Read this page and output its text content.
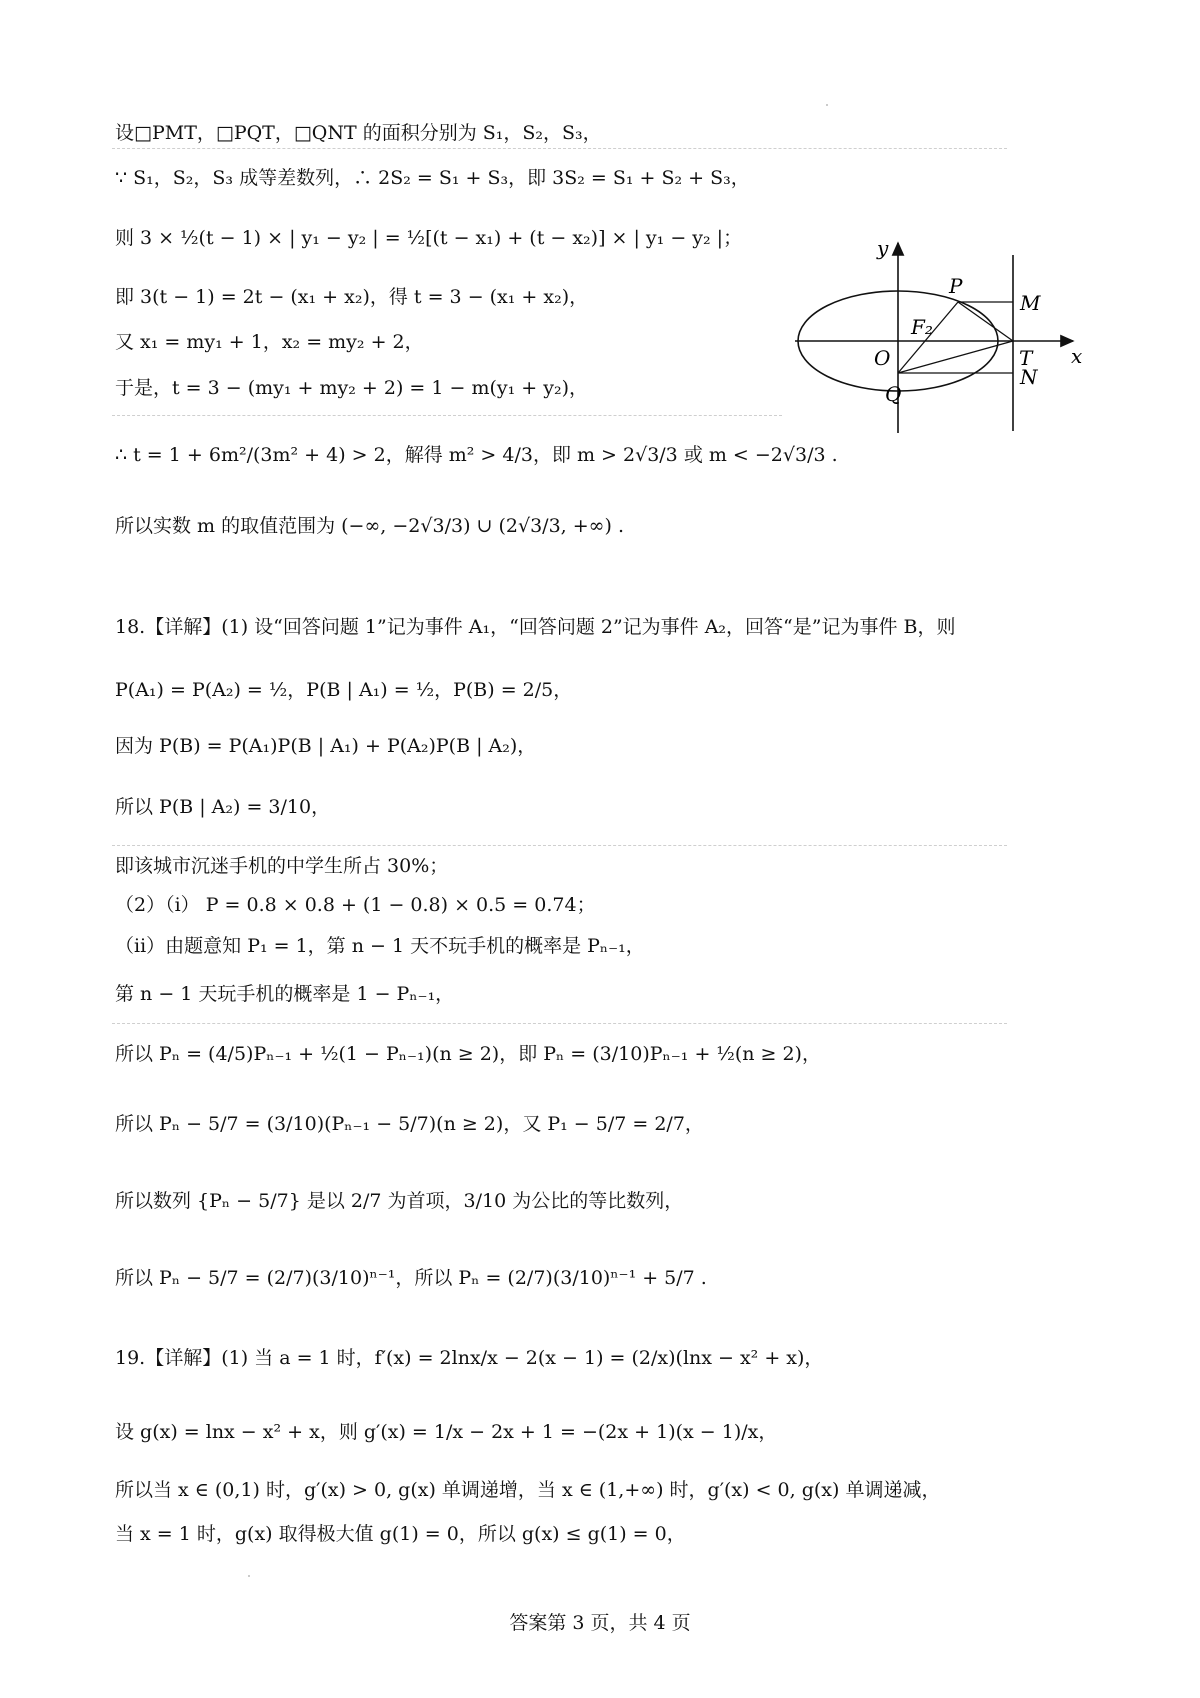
设□PMT，□PQT，□QNT 的面积分别为 S₁，S₂，S₃，
∵ S₁，S₂，S₃ 成等差数列，∴ 2S₂ = S₁ + S₃，即 3S₂ = S₁ + S₂ + S₃，
则 3 × ½(t − 1) × | y₁ − y₂ | = ½[(t − x₁) + (t − x₂)] × | y₁ − y₂ |；
即 3(t − 1) = 2t − (x₁ + x₂)，得 t = 3 − (x₁ + x₂)，
又 x₁ = my₁ + 1，x₂ = my₂ + 2，
于是，t = 3 − (my₁ + my₂ + 2) = 1 − m(y₁ + y₂)，
∴ t = 1 + 6m²/(3m² + 4) > 2，解得 m² > 4/3，即 m > 2√3/3 或 m < −2√3/3 .
所以实数 m 的取值范围为 (−∞, −2√3/3) ∪ (2√3/3, +∞) .
18.【详解】(1) 设“回答问题 1”记为事件 A₁，“回答问题 2”记为事件 A₂，回答“是”记为事件 B，则
P(A₁) = P(A₂) = ½，P(B | A₁) = ½，P(B) = 2/5，
因为 P(B) = P(A₁)P(B | A₁) + P(A₂)P(B | A₂)，
所以 P(B | A₂) = 3/10，
即该城市沉迷手机的中学生所占 30%；
（2）（ⅰ） P = 0.8 × 0.8 + (1 − 0.8) × 0.5 = 0.74；
（ⅱ）由题意知 P₁ = 1，第 n − 1 天不玩手机的概率是 Pₙ₋₁，
第 n − 1 天玩手机的概率是 1 − Pₙ₋₁，
所以 Pₙ = (4/5)Pₙ₋₁ + ½(1 − Pₙ₋₁)(n ≥ 2)，即 Pₙ = (3/10)Pₙ₋₁ + ½(n ≥ 2)，
所以 Pₙ − 5/7 = (3/10)(Pₙ₋₁ − 5/7)(n ≥ 2)，又 P₁ − 5/7 = 2/7，
所以数列 {Pₙ − 5/7} 是以 2/7 为首项，3/10 为公比的等比数列，
所以 Pₙ − 5/7 = (2/7)(3/10)ⁿ⁻¹，所以 Pₙ = (2/7)(3/10)ⁿ⁻¹ + 5/7 .
19.【详解】(1) 当 a = 1 时，f′(x) = 2lnx/x − 2(x − 1) = (2/x)(lnx − x² + x)，
设 g(x) = lnx − x² + x，则 g′(x) = 1/x − 2x + 1 = −(2x + 1)(x − 1)/x，
所以当 x ∈ (0,1) 时，g′(x) > 0, g(x) 单调递增，当 x ∈ (1,+∞) 时，g′(x) < 0, g(x) 单调递减，
当 x = 1 时，g(x) 取得极大值 g(1) = 0，所以 g(x) ≤ g(1) = 0，
y
x
O
F₂
P
M
T
N
Q
答案第 3 页，共 4 页
